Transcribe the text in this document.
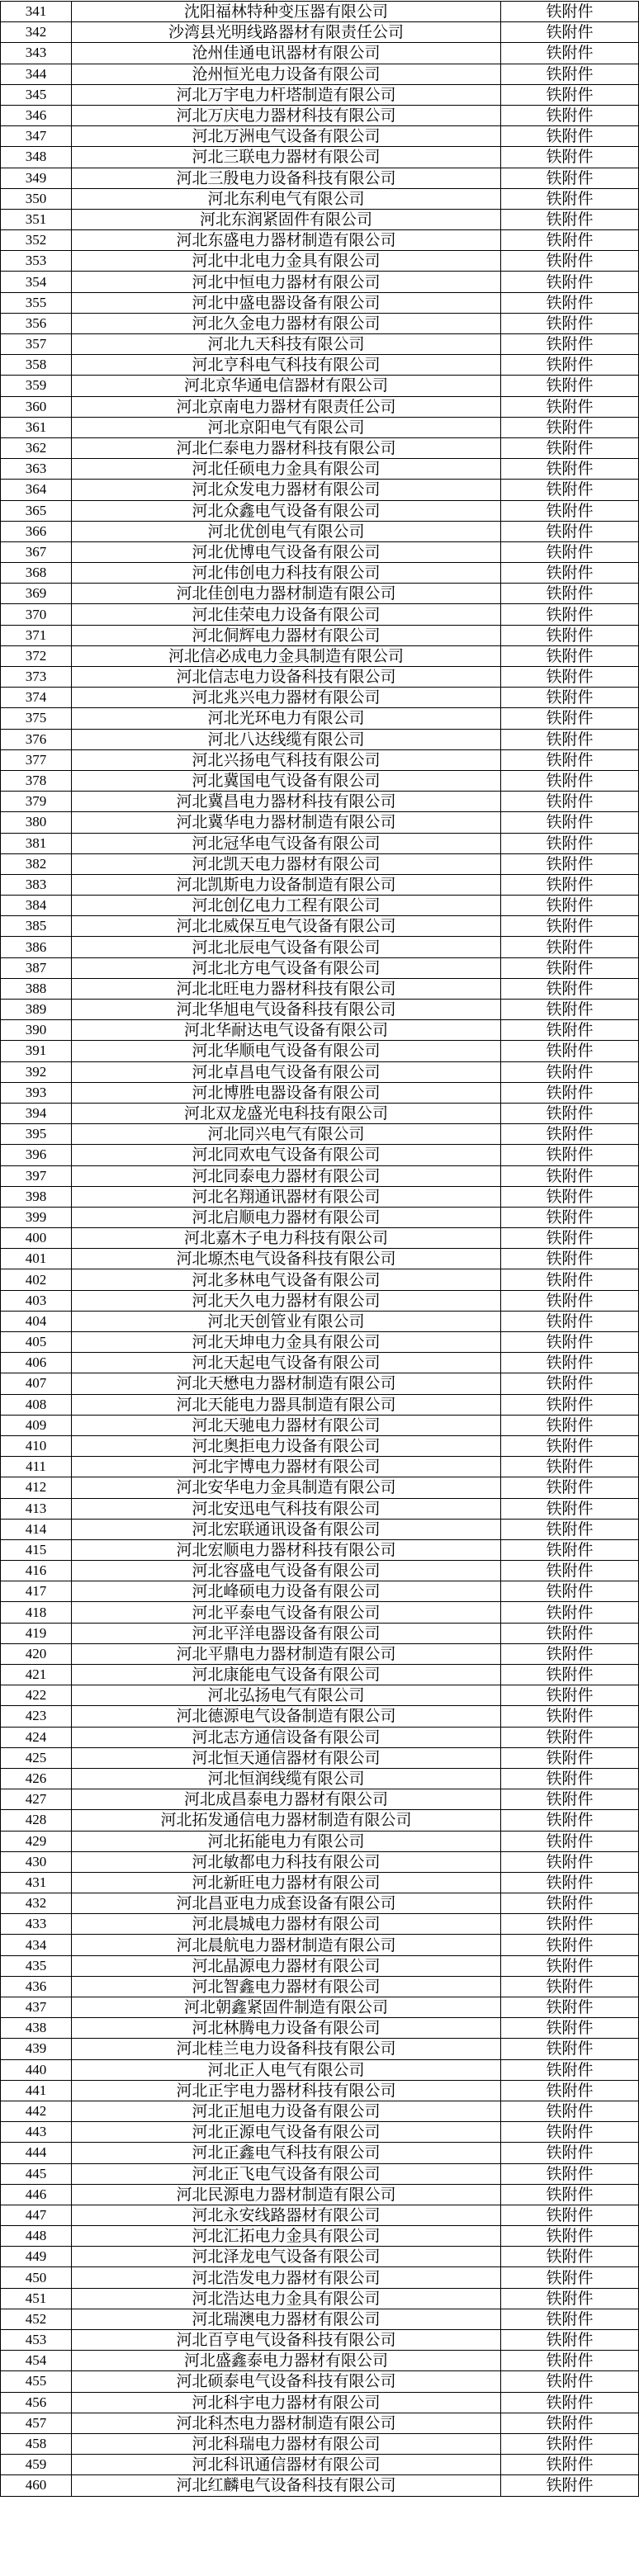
341	沈阳福林特种变压器有限公司	铁附件
342	沙湾县光明线路器材有限责任公司	铁附件
343	沧州佳通电讯器材有限公司	铁附件
344	沧州恒光电力设备有限公司	铁附件
345	河北万宇电力杆塔制造有限公司	铁附件
346	河北万庆电力器材科技有限公司	铁附件
347	河北万洲电气设备有限公司	铁附件
348	河北三联电力器材有限公司	铁附件
349	河北三殷电力设备科技有限公司	铁附件
350	河北东利电气有限公司	铁附件
351	河北东润紧固件有限公司	铁附件
352	河北东盛电力器材制造有限公司	铁附件
353	河北中北电力金具有限公司	铁附件
354	河北中恒电力器材有限公司	铁附件
355	河北中盛电器设备有限公司	铁附件
356	河北久金电力器材有限公司	铁附件
357	河北九天科技有限公司	铁附件
358	河北亨科电气科技有限公司	铁附件
359	河北京华通电信器材有限公司	铁附件
360	河北京南电力器材有限责任公司	铁附件
361	河北京阳电气有限公司	铁附件
362	河北仁泰电力器材科技有限公司	铁附件
363	河北任硕电力金具有限公司	铁附件
364	河北众发电力器材有限公司	铁附件
365	河北众鑫电气设备有限公司	铁附件
366	河北优创电气有限公司	铁附件
367	河北优博电气设备有限公司	铁附件
368	河北伟创电力科技有限公司	铁附件
369	河北佳创电力器材制造有限公司	铁附件
370	河北佳荣电力设备有限公司	铁附件
371	河北侗辉电力器材有限公司	铁附件
372	河北信必成电力金具制造有限公司	铁附件
373	河北信志电力设备科技有限公司	铁附件
374	河北兆兴电力器材有限公司	铁附件
375	河北光环电力有限公司	铁附件
376	河北八达线缆有限公司	铁附件
377	河北兴扬电气科技有限公司	铁附件
378	河北冀国电气设备有限公司	铁附件
379	河北冀昌电力器材科技有限公司	铁附件
380	河北冀华电力器材制造有限公司	铁附件
381	河北冠华电气设备有限公司	铁附件
382	河北凯天电力器材有限公司	铁附件
383	河北凯斯电力设备制造有限公司	铁附件
384	河北创亿电力工程有限公司	铁附件
385	河北北威保互电气设备有限公司	铁附件
386	河北北辰电气设备有限公司	铁附件
387	河北北方电气设备有限公司	铁附件
388	河北北旺电力器材科技有限公司	铁附件
389	河北华旭电气设备科技有限公司	铁附件
390	河北华耐达电气设备有限公司	铁附件
391	河北华顺电气设备有限公司	铁附件
392	河北卓昌电气设备有限公司	铁附件
393	河北博胜电器设备有限公司	铁附件
394	河北双龙盛光电科技有限公司	铁附件
395	河北同兴电气有限公司	铁附件
396	河北同欢电气设备有限公司	铁附件
397	河北同泰电力器材有限公司	铁附件
398	河北名翔通讯器材有限公司	铁附件
399	河北启顺电力器材有限公司	铁附件
400	河北嘉木子电力科技有限公司	铁附件
401	河北塬杰电气设备科技有限公司	铁附件
402	河北多林电气设备有限公司	铁附件
403	河北天久电力器材有限公司	铁附件
404	河北天创管业有限公司	铁附件
405	河北天坤电力金具有限公司	铁附件
406	河北天起电气设备有限公司	铁附件
407	河北天懋电力器材制造有限公司	铁附件
408	河北天能电力器具制造有限公司	铁附件
409	河北天驰电力器材有限公司	铁附件
410	河北奥拒电力设备有限公司	铁附件
411	河北宇博电力器材有限公司	铁附件
412	河北安华电力金具制造有限公司	铁附件
413	河北安迅电气科技有限公司	铁附件
414	河北宏联通讯设备有限公司	铁附件
415	河北宏顺电力器材科技有限公司	铁附件
416	河北容盛电气设备有限公司	铁附件
417	河北峰硕电力设备有限公司	铁附件
418	河北平泰电气设备有限公司	铁附件
419	河北平洋电器设备有限公司	铁附件
420	河北平鼎电力器材制造有限公司	铁附件
421	河北康能电气设备有限公司	铁附件
422	河北弘扬电气有限公司	铁附件
423	河北德源电气设备制造有限公司	铁附件
424	河北志方通信设备有限公司	铁附件
425	河北恒天通信器材有限公司	铁附件
426	河北恒润线缆有限公司	铁附件
427	河北成昌泰电力器材有限公司	铁附件
428	河北拓发通信电力器材制造有限公司	铁附件
429	河北拓能电力有限公司	铁附件
430	河北敏都电力科技有限公司	铁附件
431	河北新旺电力器材有限公司	铁附件
432	河北昌亚电力成套设备有限公司	铁附件
433	河北晨城电力器材有限公司	铁附件
434	河北晨航电力器材制造有限公司	铁附件
435	河北晶源电力器材有限公司	铁附件
436	河北智鑫电力器材有限公司	铁附件
437	河北朝鑫紧固件制造有限公司	铁附件
438	河北林腾电力设备有限公司	铁附件
439	河北桂兰电力设备科技有限公司	铁附件
440	河北正人电气有限公司	铁附件
441	河北正宇电力器材科技有限公司	铁附件
442	河北正旭电力设备有限公司	铁附件
443	河北正源电气设备有限公司	铁附件
444	河北正鑫电气科技有限公司	铁附件
445	河北正飞电气设备有限公司	铁附件
446	河北民源电力器材制造有限公司	铁附件
447	河北永安线路器材有限公司	铁附件
448	河北汇拓电力金具有限公司	铁附件
449	河北泽龙电气设备有限公司	铁附件
450	河北浩发电力器材有限公司	铁附件
451	河北浩达电力金具有限公司	铁附件
452	河北瑞澳电力器材有限公司	铁附件
453	河北百亨电气设备科技有限公司	铁附件
454	河北盛鑫泰电力器材有限公司	铁附件
455	河北硕泰电气设备科技有限公司	铁附件
456	河北科宇电力器材有限公司	铁附件
457	河北科杰电力器材制造有限公司	铁附件
458	河北科瑞电力器材有限公司	铁附件
459	河北科讯通信器材有限公司	铁附件
460	河北红麟电气设备科技有限公司	铁附件
